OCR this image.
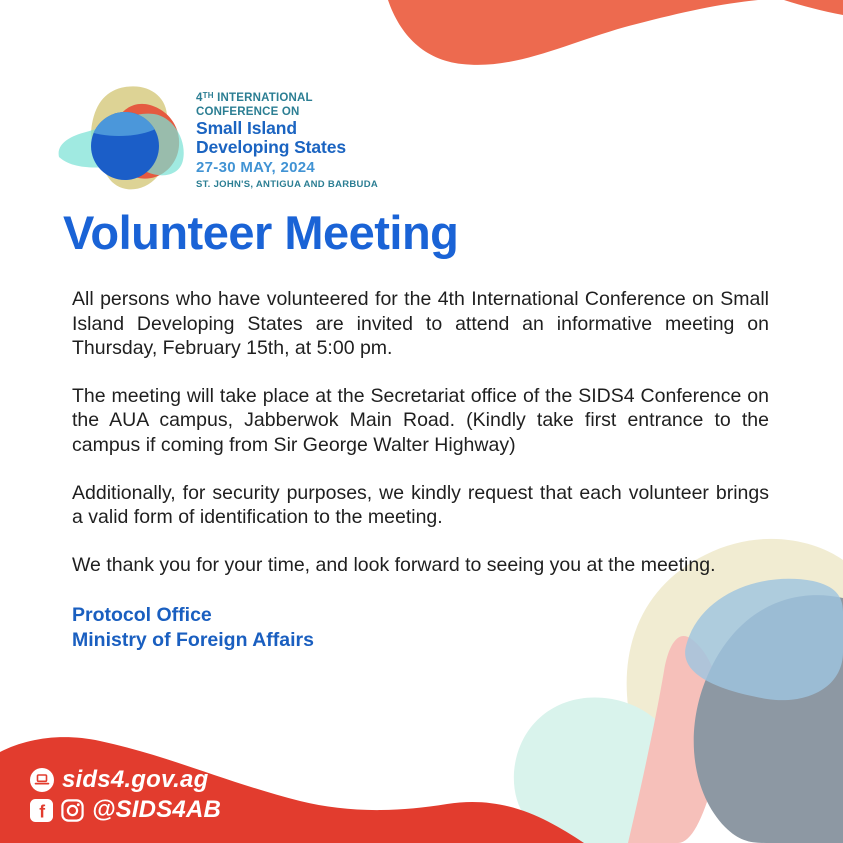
4TH INTERNATIONAL
CONFERENCE ON
Small Island
Developing States
27-30 MAY, 2024
ST. JOHN'S, ANTIGUA AND BARBUDA
Volunteer Meeting

All persons who have volunteered for the 4th International Conference on Small Island Developing States are invited to attend an informative meeting on Thursday, February 15th, at 5:00 pm.

The meeting will take place at the Secretariat office of the SIDS4 Conference on the AUA campus, Jabberwok Main Road. (Kindly take first entrance to the campus if coming from Sir George Walter Highway)

Additionally, for security purposes, we kindly request that each volunteer brings a valid form of identification to the meeting.

We thank you for your time, and look forward to seeing you at the meeting.

Protocol Office
Ministry of Foreign Affairs
sids4.gov.ag
f @SIDS4AB
